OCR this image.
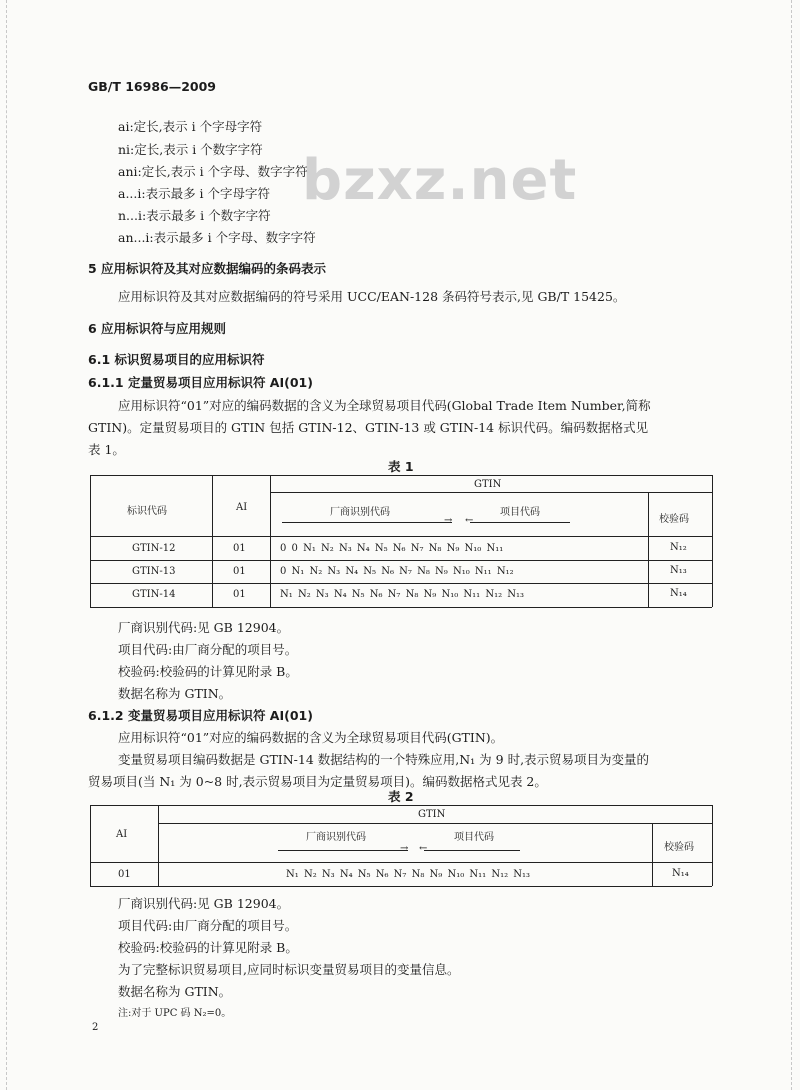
GB/T 16986—2009
bzxz.net
ai:定长,表示 i 个字母字符
ni:定长,表示 i 个数字字符
ani:定长,表示 i 个字母、数字字符
a...i:表示最多 i 个字母字符
n...i:表示最多 i 个数字字符
an...i:表示最多 i 个字母、数字字符
5 应用标识符及其对应数据编码的条码表示
应用标识符及其对应数据编码的符号采用 UCC/EAN-128 条码符号表示,见 GB/T 15425。
6 应用标识符与应用规则
6.1 标识贸易项目的应用标识符
6.1.1 定量贸易项目应用标识符 AI(01)
应用标识符“01”对应的编码数据的含义为全球贸易项目代码(Global Trade Item Number,简称
GTIN)。定量贸易项目的 GTIN 包括 GTIN-12、GTIN-13 或 GTIN-14 标识代码。编码数据格式见
表 1。
表 1
GTIN
标识代码	AI	厂商识别代码	项目代码
校验码
→ ←
GTIN-12	01	0 0 N₁ N₂ N₃ N₄ N₅ N₆ N₇ N₈ N₉ N₁₀ N₁₁	N₁₂
GTIN-13	01	0 N₁ N₂ N₃ N₄ N₅ N₆ N₇ N₈ N₉ N₁₀ N₁₁ N₁₂	N₁₃
GTIN-14	01	N₁ N₂ N₃ N₄ N₅ N₆ N₇ N₈ N₉ N₁₀ N₁₁ N₁₂ N₁₃	N₁₄
厂商识别代码:见 GB 12904。
项目代码:由厂商分配的项目号。
校验码:校验码的计算见附录 B。
数据名称为 GTIN。
6.1.2 变量贸易项目应用标识符 AI(01)
应用标识符“01”对应的编码数据的含义为全球贸易项目代码(GTIN)。
变量贸易项目编码数据是 GTIN-14 数据结构的一个特殊应用,N₁ 为 9 时,表示贸易项目为变量的
贸易项目(当 N₁ 为 0~8 时,表示贸易项目为定量贸易项目)。编码数据格式见表 2。
表 2
GTIN
AI	厂商识别代码	项目代码
校验码
→ ←
01	N₁ N₂ N₃ N₄ N₅ N₆ N₇ N₈ N₉ N₁₀ N₁₁ N₁₂ N₁₃	N₁₄
厂商识别代码:见 GB 12904。
项目代码:由厂商分配的项目号。
校验码:校验码的计算见附录 B。
为了完整标识贸易项目,应同时标识变量贸易项目的变量信息。
数据名称为 GTIN。
注:对于 UPC 码 N₂=0。
2
